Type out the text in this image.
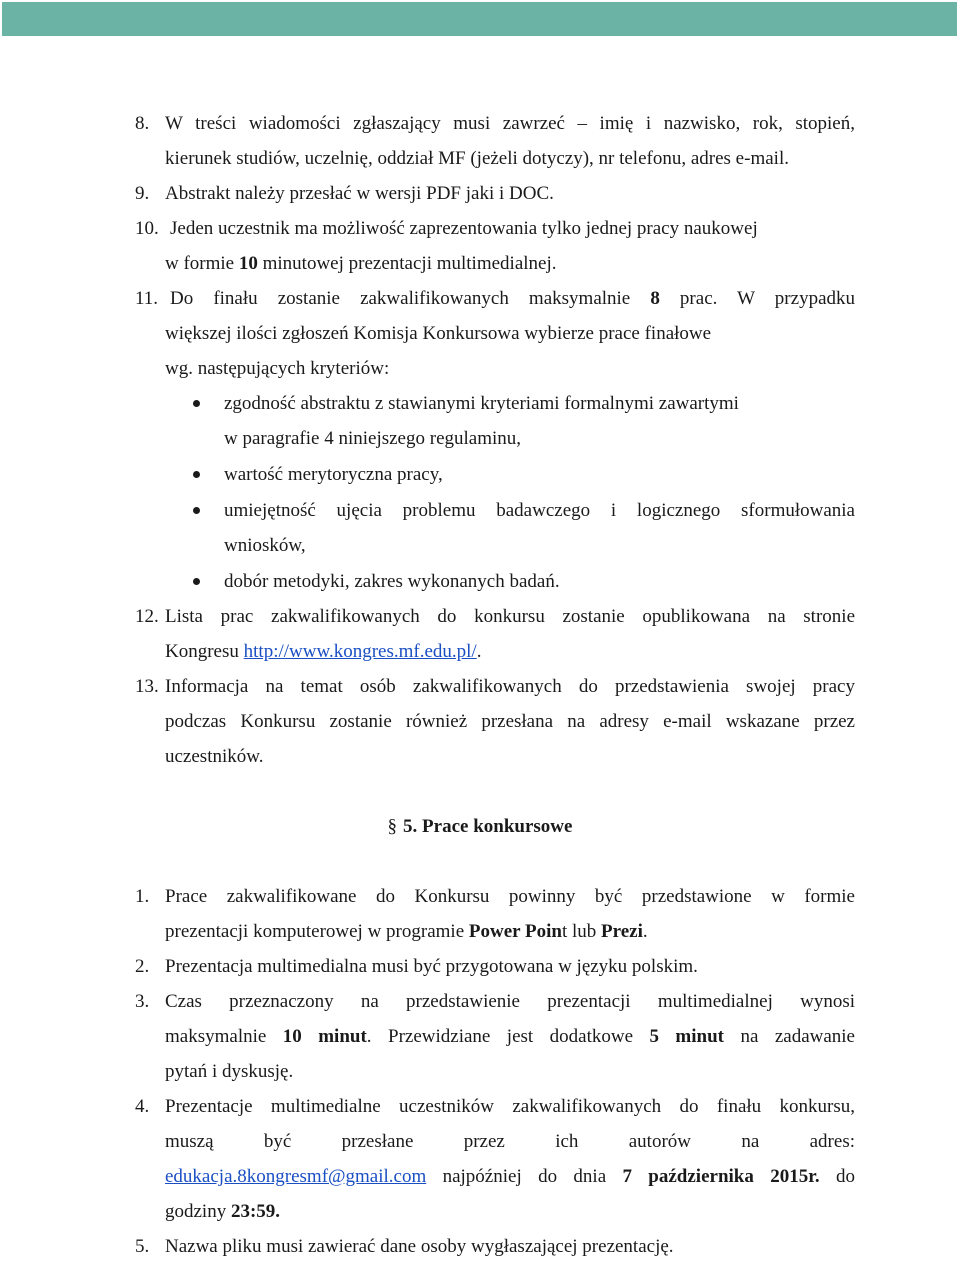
8. W treści wiadomości zgłaszający musi zawrzeć – imię i nazwisko, rok, stopień,
kierunek studiów, uczelnię, oddział MF (jeżeli dotyczy), nr telefonu, adres e-mail.
9. Abstrakt należy przesłać w wersji PDF jaki i DOC.
10. Jeden uczestnik ma możliwość zaprezentowania tylko jednej pracy naukowej
w formie 10 minutowej prezentacji multimedialnej.
11. Do finału zostanie zakwalifikowanych maksymalnie 8 prac. W przypadku
większej ilości zgłoszeń Komisja Konkursowa wybierze prace finałowe
wg. następujących kryteriów:
zgodność abstraktu z stawianymi kryteriami formalnymi zawartymi
w paragrafie 4 niniejszego regulaminu,
wartość merytoryczna pracy,
umiejętność ujęcia problemu badawczego i logicznego sformułowania
wniosków,
dobór metodyki, zakres wykonanych badań.
12. Lista prac zakwalifikowanych do konkursu zostanie opublikowana na stronie
Kongresu http://www.kongres.mf.edu.pl/.
13. Informacja na temat osób zakwalifikowanych do przedstawienia swojej pracy
podczas Konkursu zostanie również przesłana na adresy e-mail wskazane przez
uczestników.
§ 5. Prace konkursowe
1. Prace zakwalifikowane do Konkursu powinny być przedstawione w formie
prezentacji komputerowej w programie Power Point lub Prezi.
2. Prezentacja multimedialna musi być przygotowana w języku polskim.
3. Czas przeznaczony na przedstawienie prezentacji multimedialnej wynosi
maksymalnie 10 minut. Przewidziane jest dodatkowe 5 minut na zadawanie
pytań i dyskusję.
4. Prezentacje multimedialne uczestników zakwalifikowanych do finału konkursu,
muszą być przesłane przez ich autorów na adres:
edukacja.8kongresmf@gmail.com najpóźniej do dnia 7 października 2015r. do
godziny 23:59.
5. Nazwa pliku musi zawierać dane osoby wygłaszającej prezentację.
